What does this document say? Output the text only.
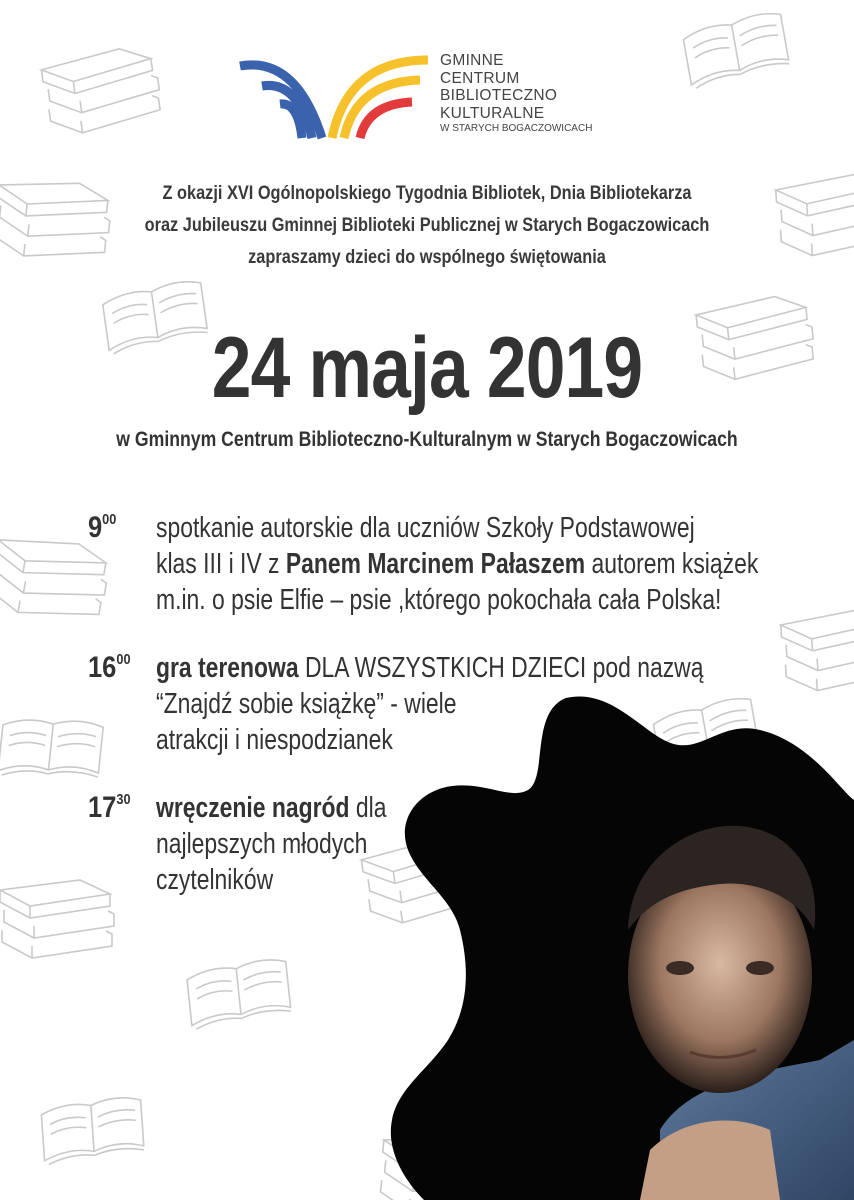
GMINNE
CENTRUM
BIBLIOTECZNO
KULTURALNE
W STARYCH BOGACZOWICACH
Z okazji XVI Ogólnopolskiego Tygodnia Bibliotek, Dnia Bibliotekarza
oraz Jubileuszu Gminnej Biblioteki Publicznej w Starych Bogaczowicach
zapraszamy dzieci do wspólnego świętowania
24 maja 2019
w Gminnym Centrum Biblioteczno-Kulturalnym w Starych Bogaczowicach
$9^{00}$ spotkanie autorskie dla uczniów Szkoły Podstawowej
klas III i IV z Panem Marcinem Pałaszem autorem książek
m.in. o psie Elfie – psie ,którego pokochała cała Polska!
$16^{00}$ gra terenowa DLA WSZYSTKICH DZIECI pod nazwą
“Znajdź sobie książkę” - wiele
atrakcji i niespodzianek
$17^{30}$ wręczenie nagród dla
najlepszych młodych
czytelników
